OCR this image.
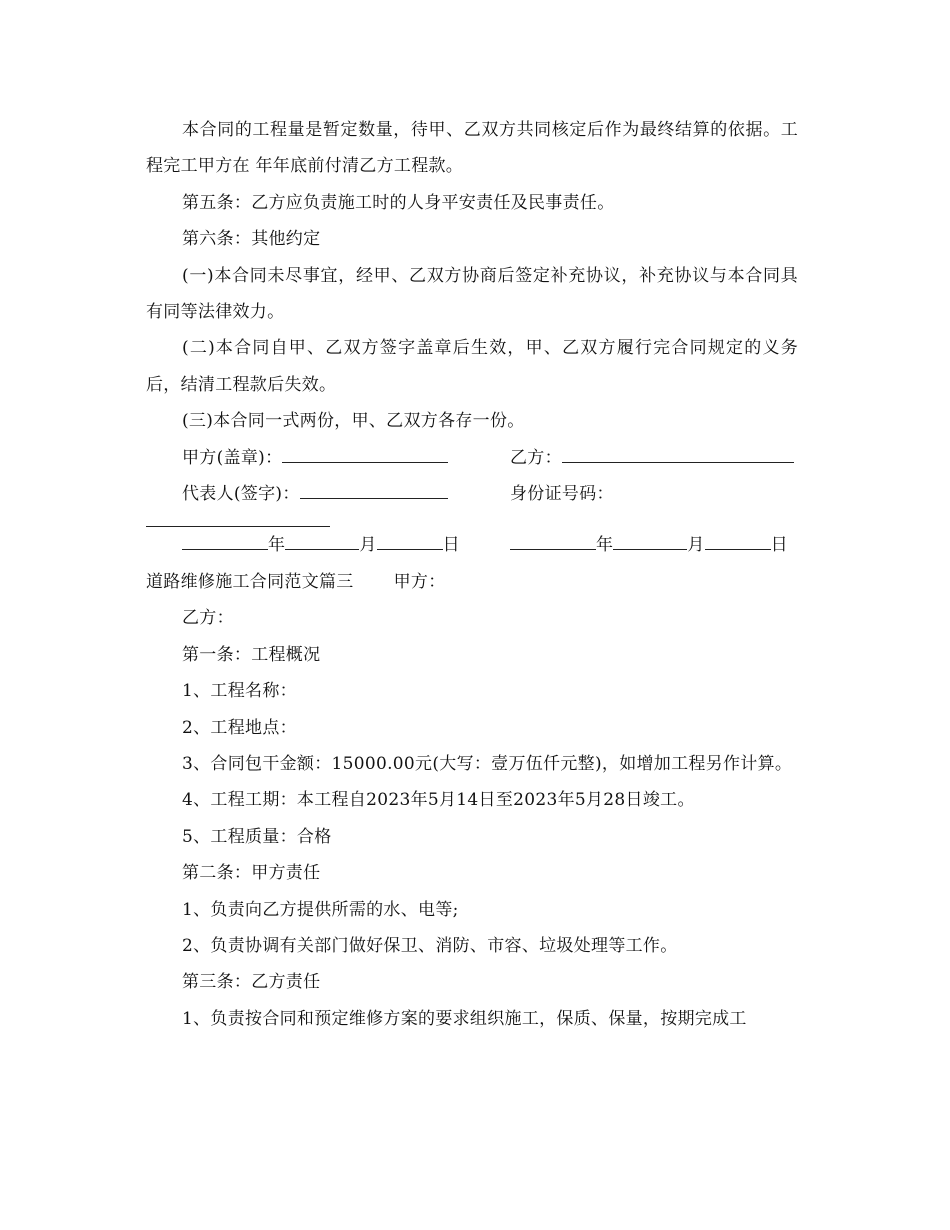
本合同的工程量是暂定数量，待甲、乙双方共同核定后作为最终结算的依据。工程完工甲方在 年年底前付清乙方工程款。

第五条：乙方应负责施工时的人身平安责任及民事责任。

第六条：其他约定

(一)本合同未尽事宜，经甲、乙双方协商后签定补充协议，补充协议与本合同具有同等法律效力。

(二)本合同自甲、乙双方签字盖章后生效，甲、乙双方履行完合同规定的义务后，结清工程款后失效。

(三)本合同一式两份，甲、乙双方各存一份。

甲方(盖章)：	乙方：
代表人(签字)：	身份证号码：
年	月	日	年	月	日

道路维修施工合同范文篇三 甲方：

乙方：

第一条：工程概况

1、工程名称：

2、工程地点：

3、合同包干金额：15000.00元(大写：壹万伍仟元整)，如增加工程另作计算。

4、工程工期：本工程自2023年5月14日至2023年5月28日竣工。

5、工程质量：合格

第二条：甲方责任

1、负责向乙方提供所需的水、电等;

2、负责协调有关部门做好保卫、消防、市容、垃圾处理等工作。

第三条：乙方责任

1、负责按合同和预定维修方案的要求组织施工，保质、保量，按期完成工
